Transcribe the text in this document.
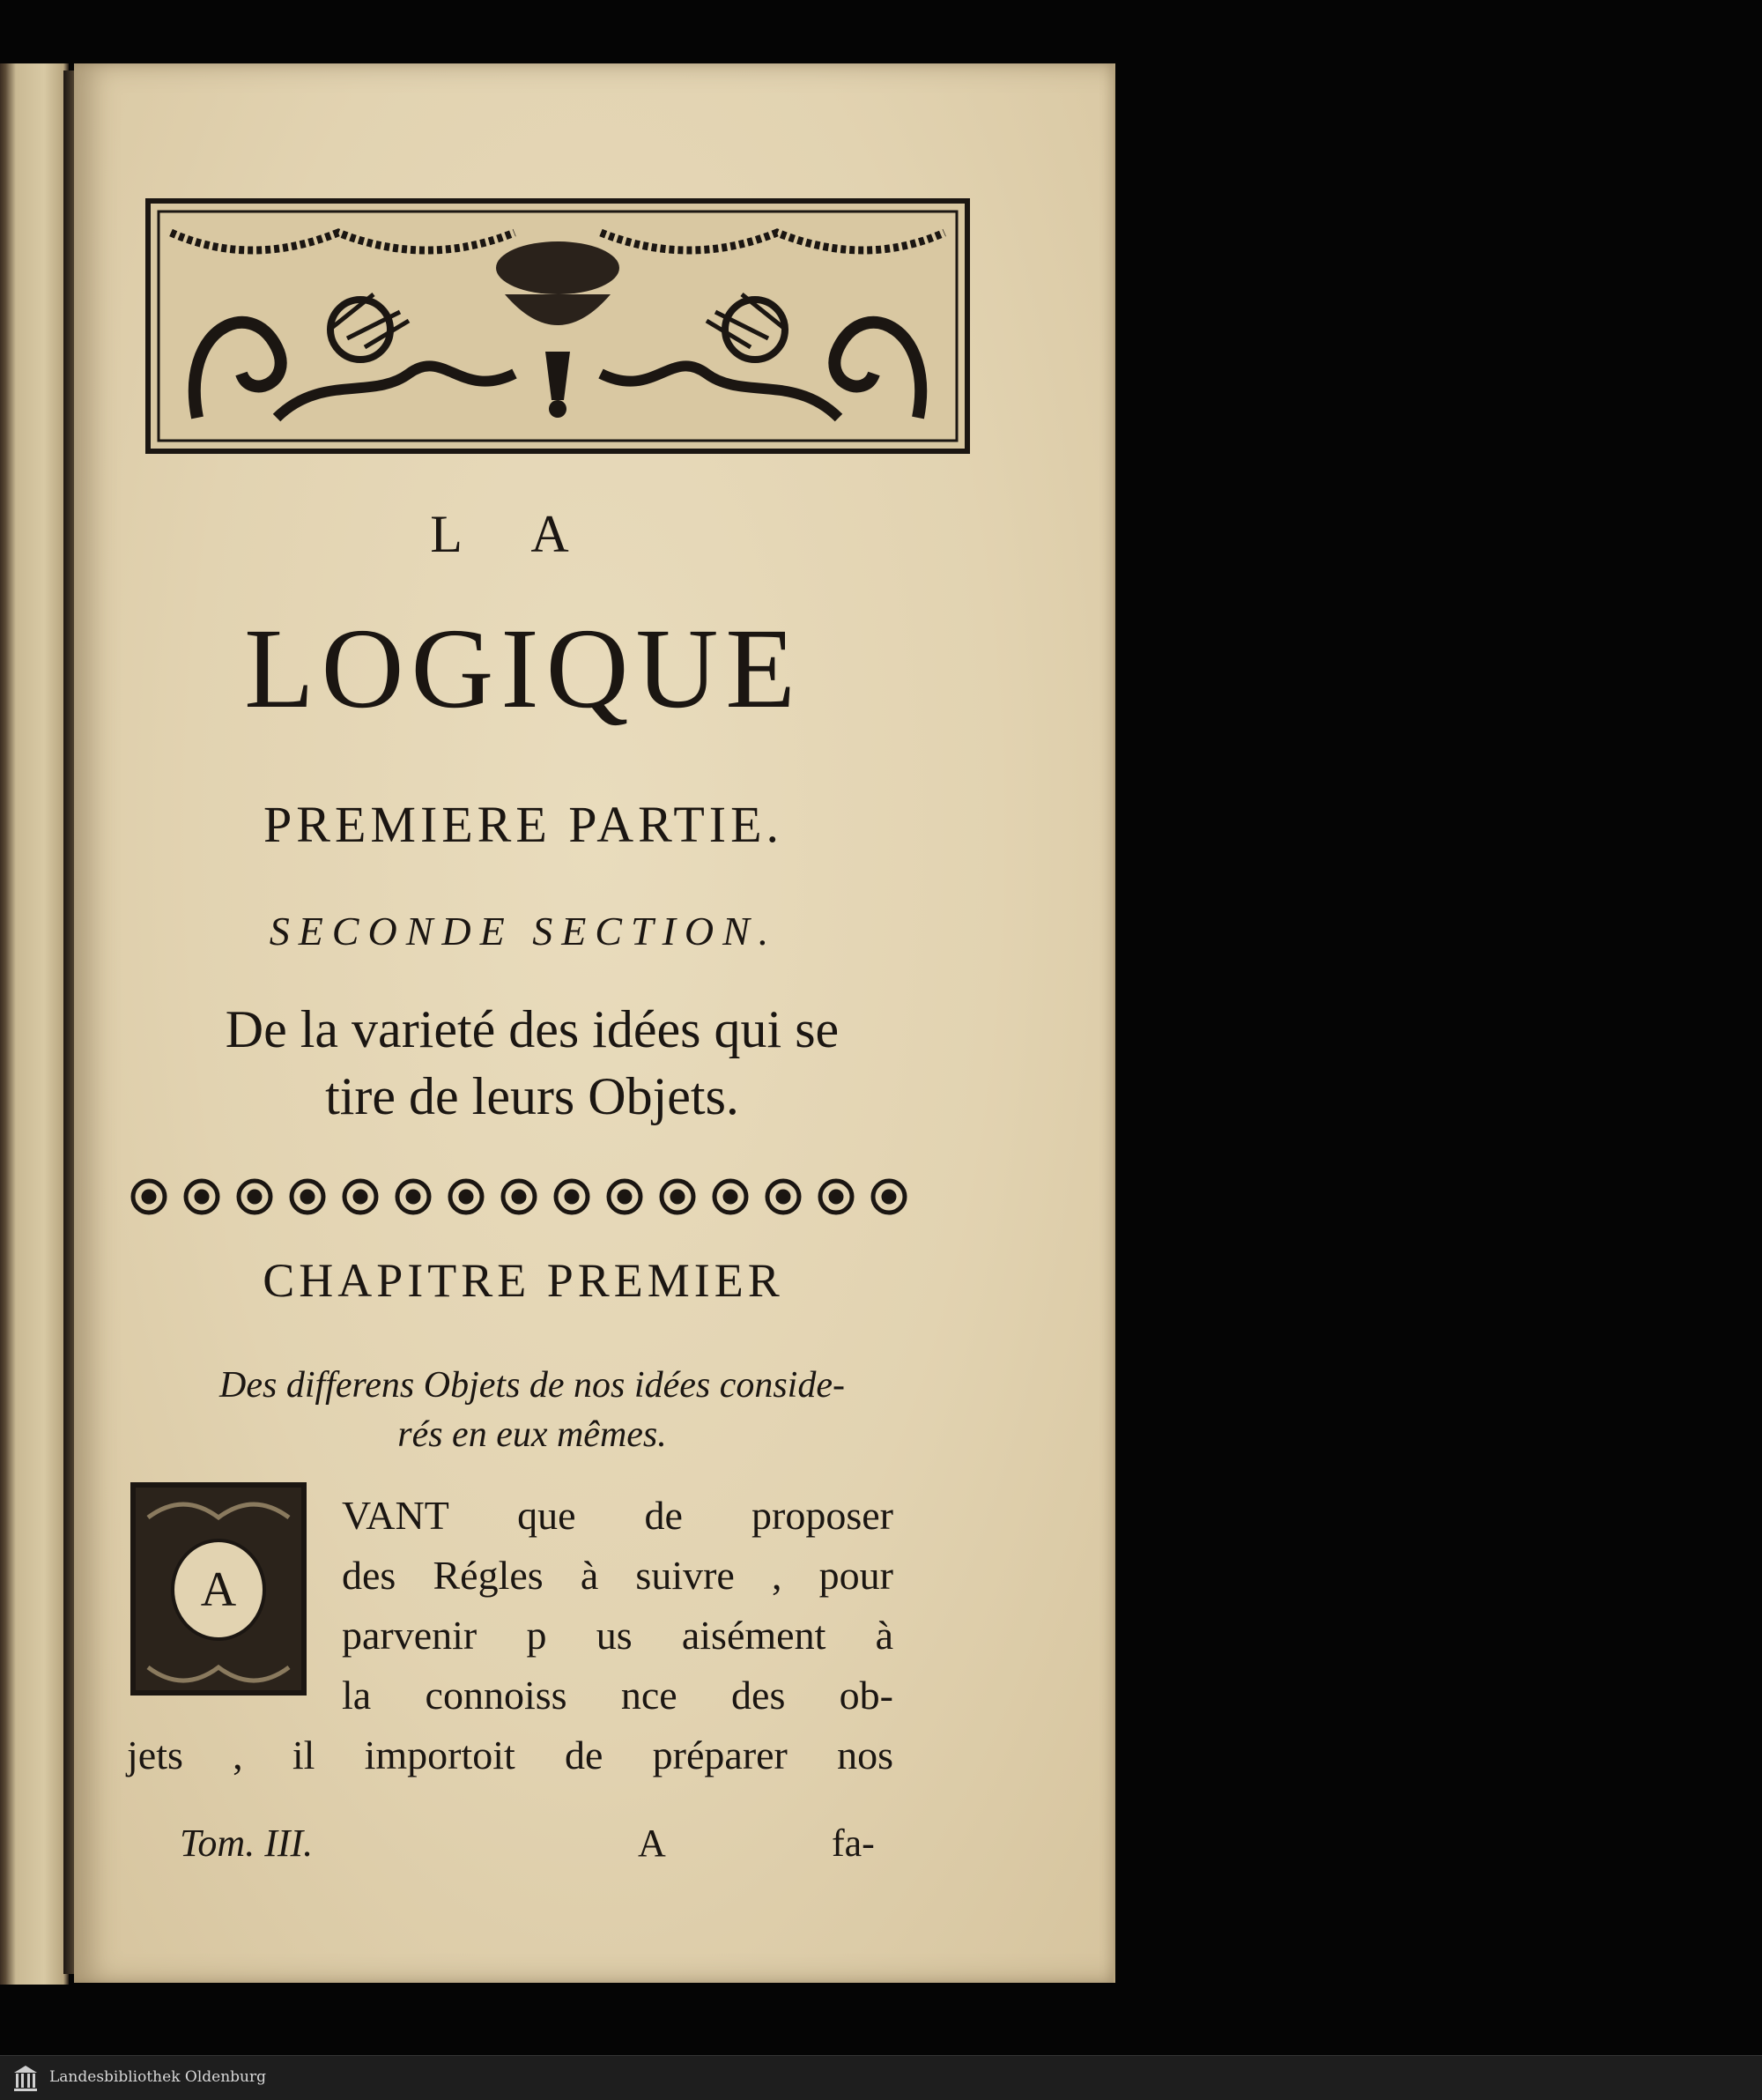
L A
LOGIQUE
PREMIERE PARTIE.
SECONDE SECTION.
De la varieté des idées qui se
tire de leurs Objets.
CHAPITRE PREMIER
Des differens Objets de nos idées conside-
rés en eux mêmes.
A
VANT que de proposer
des Régles à suivre , pour
parvenir p us aisément à
la connoiss nce des ob-
jets , il importoit de préparer nos
Tom. III.	A	fa-
Landesbibliothek Oldenburg
